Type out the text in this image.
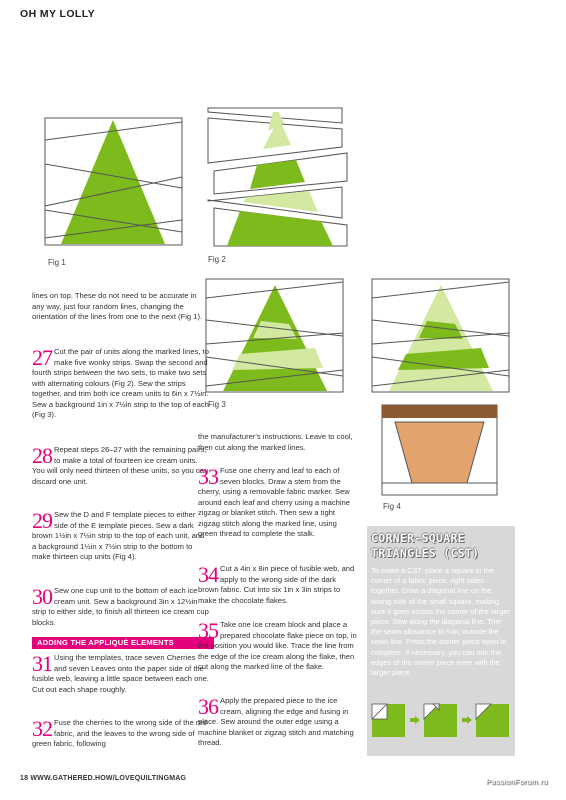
OH MY LOLLY
Fig 1	Fig 2
Fig 3
Fig 4
lines on top. These do not need to be accurate in any way, just four random lines, changing the orientation of the lines from one to the next (Fig 1).
27 Cut the pair of units along the marked lines, to make five wonky strips. Swap the second and fourth strips between the two sets, to make two sets with alternating colours (Fig 2). Sew the strips together, and trim both ice cream units to 6in x 7½in. Sew a background 1in x 7½in strip to the top of each (Fig 3).
28 Repeat steps 26–27 with the remaining pairs, to make a total of fourteen ice cream units. You will only need thirteen of these units, so you can discard one unit.
29 Sew the D and F template pieces to either side of the E template pieces. Sew a dark brown 1½in x 7½in strip to the top of each unit, and a background 1½in x 7½in strip to the bottom to make thirteen cup units (Fig 4).
30 Sew one cup unit to the bottom of each ice cream unit. Sew a background 3in x 12½in strip to either side, to finish all thirteen ice cream cup blocks.
ADDING THE APPLIQUÉ ELEMENTS
31 Using the templates, trace seven Cherries and seven Leaves onto the paper side of the fusible web, leaving a little space between each one. Cut out each shape roughly.
32 Fuse the cherries to the wrong side of the red fabric, and the leaves to the wrong side of green fabric, following
the manufacturer's instructions. Leave to cool, then cut along the marked lines.
33 Fuse one cherry and leaf to each of seven blocks. Draw a stem from the cherry, using a removable fabric marker. Sew around each leaf and cherry using a machine zigzag or blanket stitch. Then sew a tight zigzag stitch along the marked line, using green thread to complete the stalk.
34 Cut a 4in x 8in piece of fusible web, and apply to the wrong side of the dark brown fabric. Cut into six 1in x 3in strips to make the chocolate flakes.
35 Take one ice cream block and place a prepared chocolate flake piece on top, in the position you would like. Trace the line from the edge of the ice cream along the flake, then cut along the marked line of the flake.
36 Apply the prepared piece to the ice cream, aligning the edge and fusing in place. Sew around the outer edge using a machine blanket or zigzag stitch and matching thread.
CORNER-SQUARE TRIANGLES (CST)
To make a CST, place a square in the corner of a fabric piece, right sides together. Draw a diagonal line on the wrong side of the small square, making sure it goes across the corner of the larger piece. Sew along the diagonal line. Trim the seam allowance to ¼in, outside the sewn line. Press the corner piece open to complete. If necessary, you can trim the edges of the corner piece even with the larger piece.
18 WWW.GATHERED.HOW/LOVEQUILTINGMAG	PassionForum.ru
